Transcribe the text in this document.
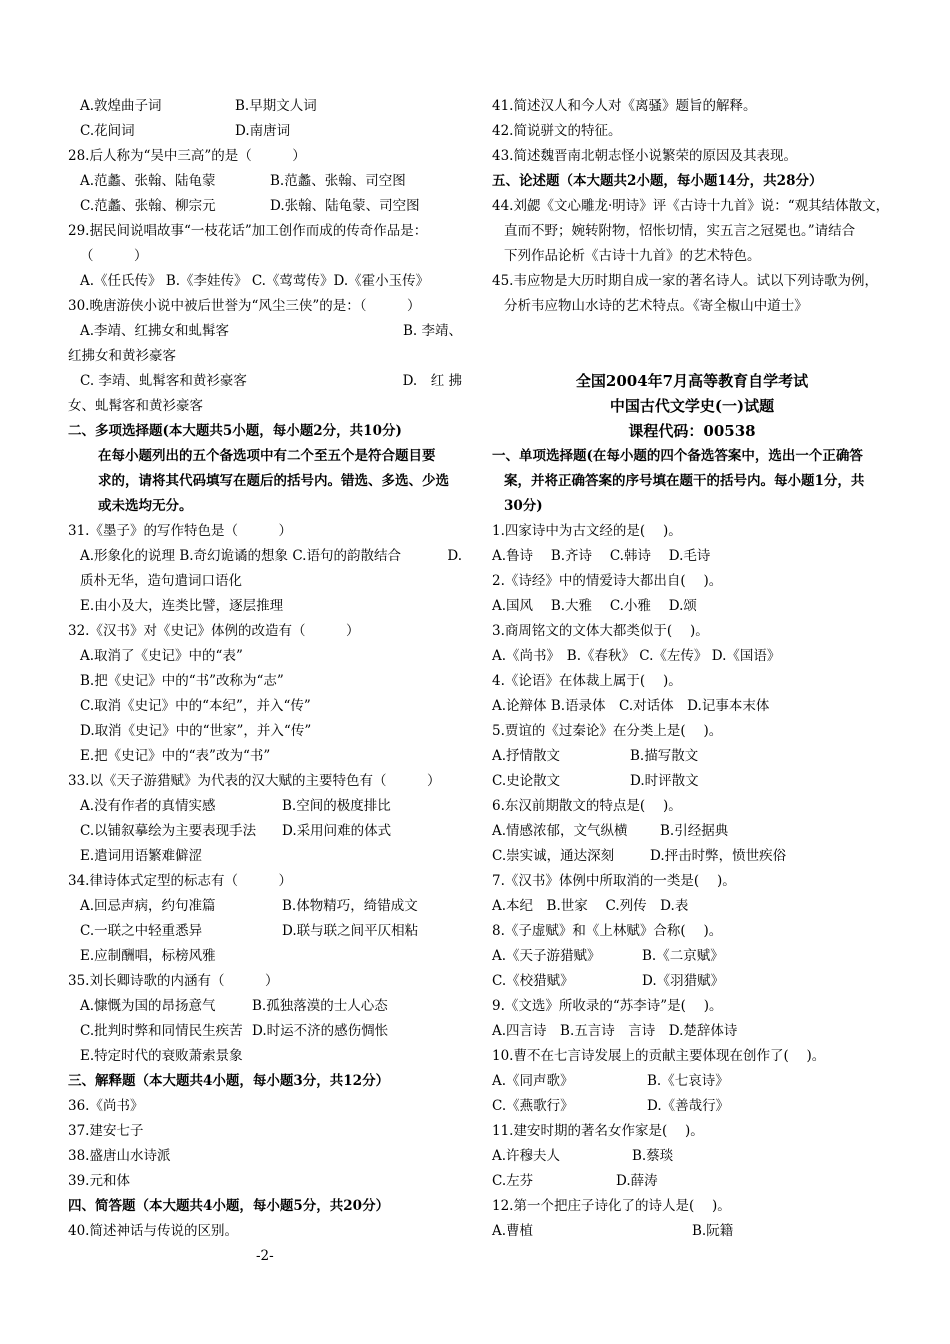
A.敦煌曲子词	B.早期文人词
C.花间词	D.南唐词
28.后人称为“吴中三高”的是（　　　）
A.范蠡、张翰、陆龟蒙	B.范蠡、张翰、司空图
C.范蠡、张翰、柳宗元	D.张翰、陆龟蒙、司空图
29.据民间说唱故事“一枝花话”加工创作而成的传奇作品是：
（　　　）
A.《任氏传》 B.《李娃传》 C.《莺莺传》D.《霍小玉传》
30.晚唐游侠小说中被后世誉为“风尘三侠”的是：（　　　）
A.李靖、红拂女和虬髯客	B. 李靖、
红拂女和黄衫豪客
C. 李靖、虬髯客和黄衫豪客	D.　红 拂
女、虬髯客和黄衫豪客
二、多项选择题(本大题共5小题，每小题2分，共10分)
在每小题列出的五个备选项中有二个至五个是符合题目要
求的，请将其代码填写在题后的括号内。错选、多选、少选
或未选均无分。
31.《墨子》的写作特色是（　　　）
A.形象化的说理 B.奇幻诡谲的想象 C.语句的韵散结合	D.
质朴无华，造句遣词口语化
E.由小及大，连类比譬，逐层推理
32.《汉书》对《史记》体例的改造有（　　　）
A.取消了《史记》中的“表”
B.把《史记》中的“书”改称为“志”
C.取消《史记》中的“本纪”，并入“传”
D.取消《史记》中的“世家”，并入“传”
E.把《史记》中的“表”改为“书”
33.以《天子游猎赋》为代表的汉大赋的主要特色有（　　　）
A.没有作者的真情实感	B.空间的极度排比
C.以铺叙摹绘为主要表现手法 D.采用问难的体式
E.遣词用语繁难僻涩
34.律诗体式定型的标志有（　　　）
A.回忌声病，约句准篇	B.体物精巧，绮错成文
C.一联之中轻重悉异	D.联与联之间平仄相粘
E.应制酬唱，标榜风雅
35.刘长卿诗歌的内涵有（　　　）
A.慷慨为国的昂扬意气	B.孤独落漠的士人心态
C.批判时弊和同情民生疾苦 D.时运不济的感伤惆怅
E.特定时代的衰败萧索景象
三、解释题（本大题共4小题，每小题3分，共12分）
36.《尚书》
37.建安七子
38.盛唐山水诗派
39.元和体
四、简答题（本大题共4小题，每小题5分，共20分）
40.简述神话与传说的区别。
41.简述汉人和今人对《离骚》题旨的解释。
42.简说骈文的特征。
43.简述魏晋南北朝志怪小说繁荣的原因及其表现。
五、论述题（本大题共2小题，每小题14分，共28分）
44.刘勰《文心雕龙·明诗》评《古诗十九首》说：“观其结体散文，
直而不野；婉转附物，怊怅切情，实五言之冠冕也。”请结合
下列作品论析《古诗十九首》的艺术特色。
45.韦应物是大历时期自成一家的著名诗人。试以下列诗歌为例，
分析韦应物山水诗的艺术特点。《寄全椒山中道士》
全国2004年7月高等教育自学考试
中国古代文学史(一)试题
课程代码：00538
一、单项选择题(在每小题的四个备选答案中，选出一个正确答
案，并将正确答案的序号填在题干的括号内。每小题1分，共
30分)
1.四家诗中为古文经的是(　 )。
A.鲁诗　 B.齐诗　 C.韩诗　 D.毛诗
2.《诗经》中的情爱诗大都出自(　 )。
A.国风　 B.大雅　 C.小雅　 D.颂
3.商周铭文的文体大都类似于(　 )。
A.《尚书》　B.《春秋》 C.《左传》 D.《国语》
4.《论语》在体裁上属于(　 )。
A.论辩体 B.语录体　C.对话体　D.记事本末体
5.贾谊的《过秦论》在分类上是(　 )。
A.抒情散文	B.描写散文
C.史论散文	D.时评散文
6.东汉前期散文的特点是(　 )。
A.情感浓郁，文气纵横 B.引经据典
C.崇实诚，通达深刻	D.抨击时弊，愤世疾俗
7.《汉书》体例中所取消的一类是(　 )。
A.本纪　B.世家　 C.列传　D.表
8.《子虚赋》和《上林赋》合称(　 )。
A.《天子游猎赋》	B.《二京赋》
C.《校猎赋》	D.《羽猎赋》
9.《文选》所收录的“苏李诗”是(　 )。
A.四言诗　B.五言诗　言诗　D.楚辞体诗
10.曹不在七言诗发展上的贡献主要体现在创作了(　 )。
A.《同声歌》	B.《七哀诗》
C.《燕歌行》	D.《善哉行》
11.建安时期的著名女作家是(　 )。
A.许穆夫人	B.蔡琰
C.左芬	D.薛涛
12.第一个把庄子诗化了的诗人是(　 )。
A.曹植	B.阮籍
-2-
